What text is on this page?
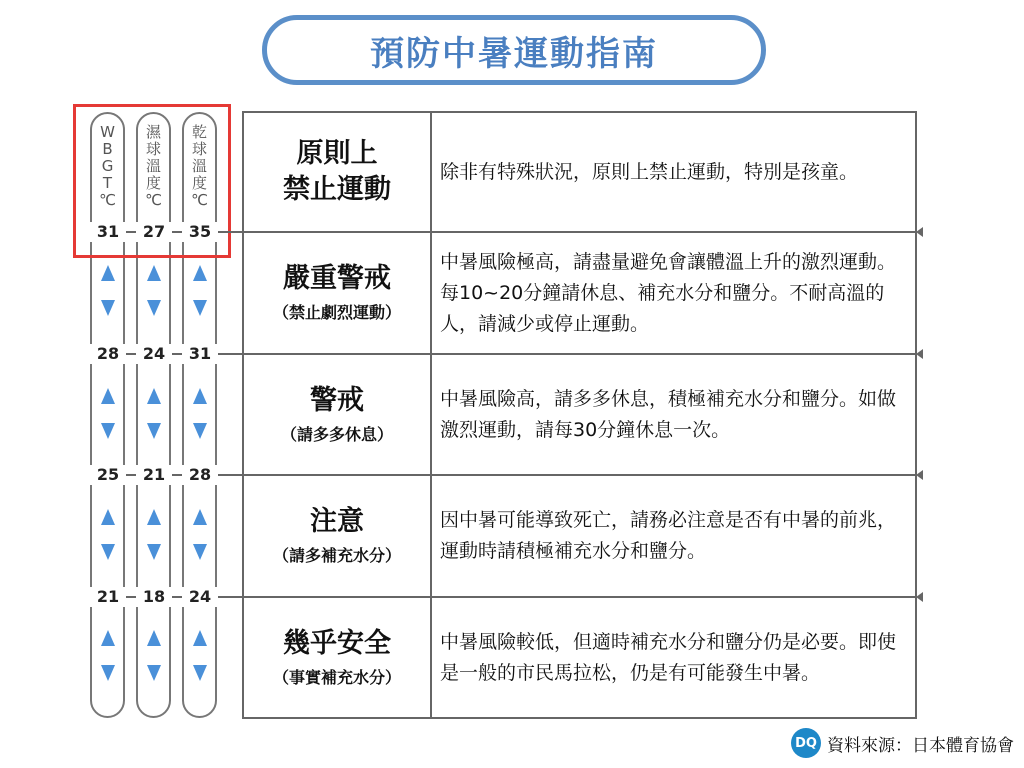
預防中暑運動指南
W
B
G
T
℃
濕
球
溫
度
℃
乾
球
溫
度
℃
31	27	35
28	24	31
25	21	28
21	18	24
原則上
禁止運動
除非有特殊狀況，原則上禁止運動，特別是孩童。
嚴重警戒
（禁止劇烈運動）
中暑風險極高，請盡量避免會讓體溫上升的激烈運動。每10~20分鐘請休息、補充水分和鹽分。不耐高溫的人，請減少或停止運動。
警戒
（請多多休息）
中暑風險高，請多多休息，積極補充水分和鹽分。如做激烈運動，請每30分鐘休息一次。
注意
（請多補充水分）
因中暑可能導致死亡，請務必注意是否有中暑的前兆，運動時請積極補充水分和鹽分。
幾乎安全
（事實補充水分）
中暑風險較低，但適時補充水分和鹽分仍是必要。即使是一般的市民馬拉松，仍是有可能發生中暑。
DQ 資料來源：日本體育協會
